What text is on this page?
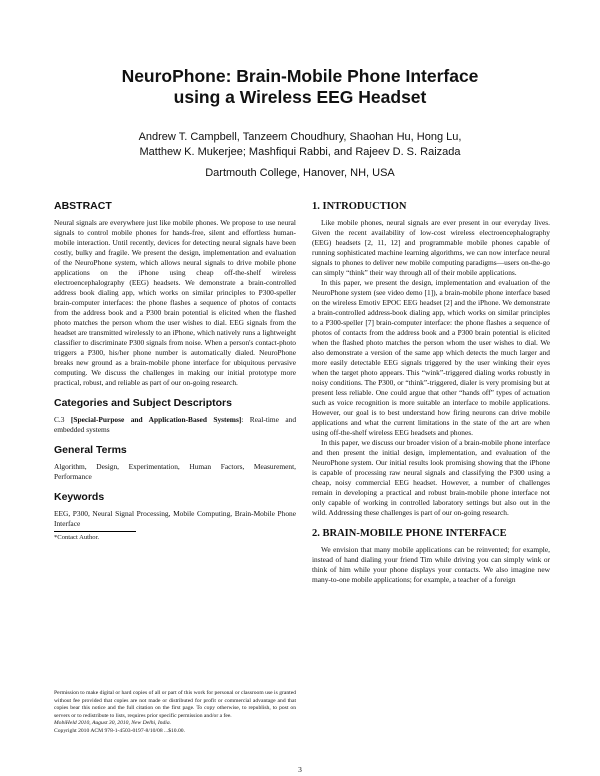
NeuroPhone: Brain-Mobile Phone Interface
using a Wireless EEG Headset
Andrew T. Campbell, Tanzeem Choudhury, Shaohan Hu, Hong Lu,
Matthew K. Mukerjee; Mashfiqui Rabbi, and Rajeev D. S. Raizada
Dartmouth College, Hanover, NH, USA
ABSTRACT

Neural signals are everywhere just like mobile phones. We propose to use neural signals to control mobile phones for hands-free, silent and effortless human-mobile interaction. Until recently, devices for detecting neural signals have been costly, bulky and fragile. We present the design, implementation and evaluation of the NeuroPhone system, which allows neural signals to drive mobile phone applications on the iPhone using cheap off-the-shelf wireless electroencephalography (EEG) headsets. We demonstrate a brain-controlled address book dialing app, which works on similar principles to P300-speller brain-computer interfaces: the phone flashes a sequence of photos of contacts from the address book and a P300 brain potential is elicited when the flashed photo matches the person whom the user wishes to dial. EEG signals from the headset are transmitted wirelessly to an iPhone, which natively runs a lightweight classifier to discriminate P300 signals from noise. When a person's contact-photo triggers a P300, his/her phone number is automatically dialed. NeuroPhone breaks new ground as a brain-mobile phone interface for ubiquitous pervasive computing. We discuss the challenges in making our initial prototype more practical, robust, and reliable as part of our on-going research.

Categories and Subject Descriptors

C.3 [Special-Purpose and Application-Based Systems]: Real-time and embedded systems

General Terms

Algorithm, Design, Experimentation, Human Factors, Measurement, Performance

Keywords

EEG, P300, Neural Signal Processing, Mobile Computing, Brain-Mobile Phone Interface

*Contact Author.

Permission to make digital or hard copies of all or part of this work for personal or classroom use is granted without fee provided that copies are not made or distributed for profit or commercial advantage and that copies bear this notice and the full citation on the first page. To copy otherwise, to republish, to post on servers or to redistribute to lists, requires prior specific permission and/or a fee.
MobiHeld 2010, August 30, 2010, New Delhi, India.
Copyright 2010 ACM 978-1-4503-0197-8/10/08 ...$10.00.
1. INTRODUCTION

Like mobile phones, neural signals are ever present in our everyday lives. Given the recent availability of low-cost wireless electroencephalography (EEG) headsets [2, 11, 12] and programmable mobile phones capable of running sophisticated machine learning algorithms, we can now interface neural signals to phones to deliver new mobile computing paradigms—users on-the-go can simply “think” their way through all of their mobile applications.

In this paper, we present the design, implementation and evaluation of the NeuroPhone system (see video demo [1]), a brain-mobile phone interface based on the wireless Emotiv EPOC EEG headset [2] and the iPhone. We demonstrate a brain-controlled address-book dialing app, which works on similar principles to a P300-speller [7] brain-computer interface: the phone flashes a sequence of photos of contacts from the address book and a P300 brain potential is elicited when the flashed photo matches the person whom the user wishes to dial. We also demonstrate a version of the same app which detects the much larger and more easily detectable EEG signals triggered by the user winking their eyes when the target photo appears. This “wink”-triggered dialing works robustly in noisy conditions. The P300, or “think”-triggered, dialer is very promising but at present less reliable. One could argue that other “hands off” types of actuation such as voice recognition is more suitable an interface to mobile applications. However, our goal is to best understand how firing neurons can drive mobile applications and what the current limitations in the state of the art are when using off-the-shelf wireless EEG headsets and phones.

In this paper, we discuss our broader vision of a brain-mobile phone interface and then present the initial design, implementation, and evaluation of the NeuroPhone system. Our initial results look promising showing that the iPhone is capable of processing raw neural signals and classifying the P300 using a cheap, noisy commercial EEG headset. However, a number of challenges remain in developing a practical and robust brain-mobile phone interface not only capable of working in controlled laboratory settings but also out in the wild. Addressing these challenges is part of our on-going research.

2. BRAIN-MOBILE PHONE INTERFACE

We envision that many mobile applications can be reinvented; for example, instead of hand dialing your friend Tim while driving you can simply wink or think of him while your phone displays your contacts. We also imagine new many-to-one mobile applications; for example, a teacher of a foreign

3
